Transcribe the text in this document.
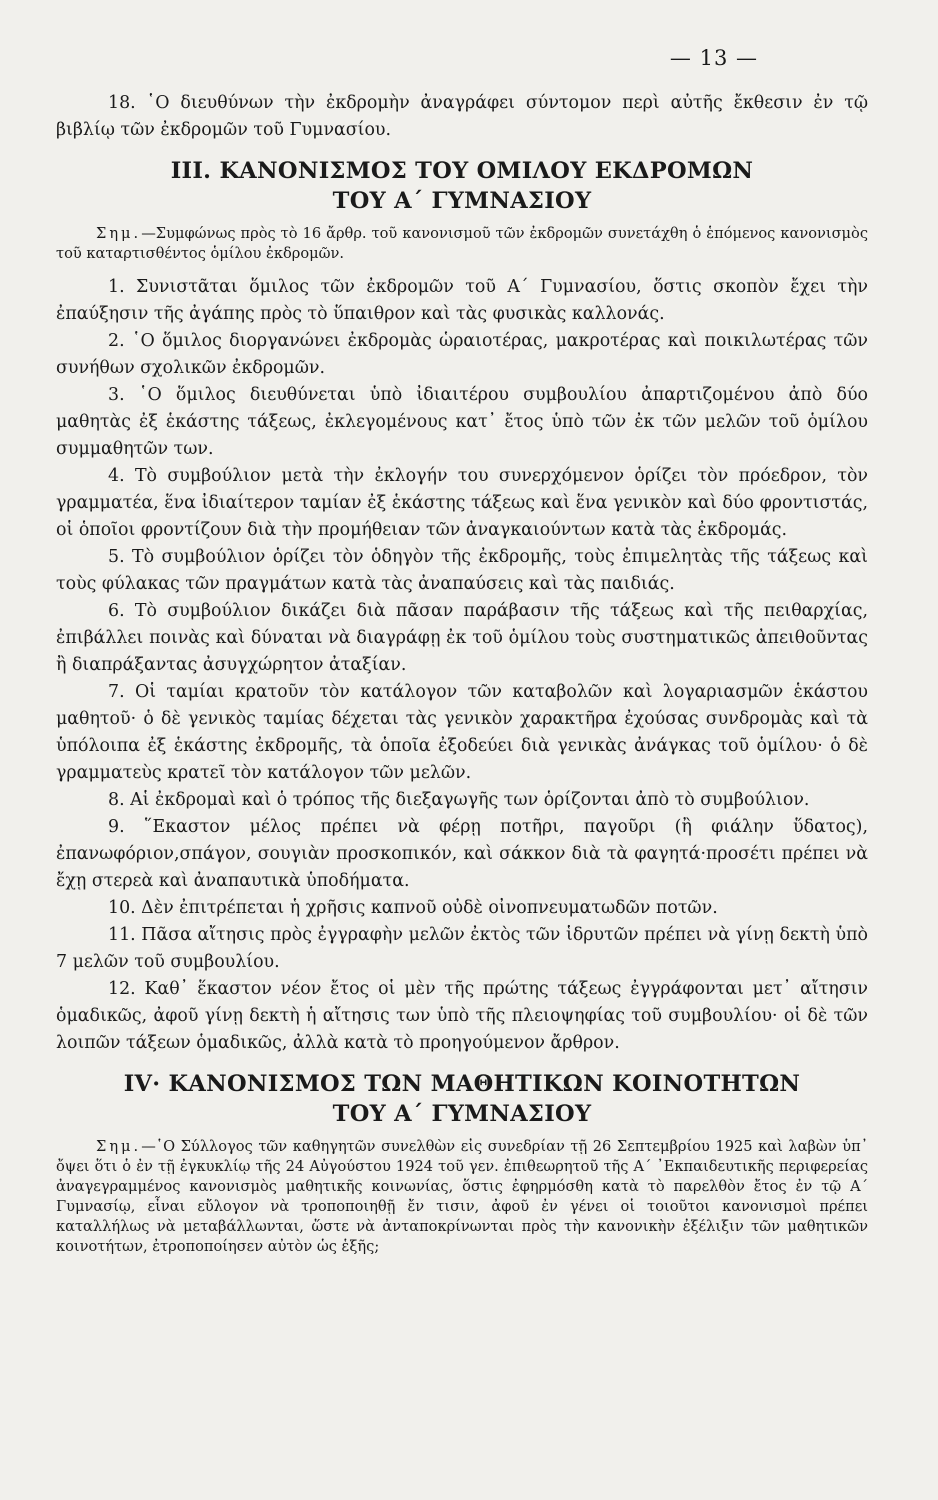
— 13 —

18. ῾Ο διευθύνων τὴν ἐκδρομὴν ἀναγράφει σύντομον περὶ αὐτῆς ἔκθεσιν ἐν τῷ βιβλίῳ τῶν ἐκδρομῶν τοῦ Γυμνασίου.

III. ΚΑΝΟΝΙΣΜΟΣ ΤΟΥ ΟΜΙΛΟΥ ΕΚΔΡΟΜΩΝ
ΤΟΥ Α΄ ΓΥΜΝΑΣΙΟΥ

Σημ.—Συμφώνως πρὸς τὸ 16 ἄρθρ. τοῦ κανονισμοῦ τῶν ἐκδρομῶν συνετάχθη ὁ ἑπόμενος κανονισμὸς τοῦ καταρτισθέντος ὁμίλου ἐκδρομῶν.

1. Συνιστᾶται ὅμιλος τῶν ἐκδρομῶν τοῦ Α΄ Γυμνασίου, ὅστις σκοπὸν ἔχει τὴν ἐπαύξησιν τῆς ἀγάπης πρὸς τὸ ὕπαιθρον καὶ τὰς φυσικὰς καλλονάς.

2. ῾Ο ὅμιλος διοργανώνει ἐκδρομὰς ὡραιοτέρας, μακροτέρας καὶ ποικιλωτέρας τῶν συνήθων σχολικῶν ἐκδρομῶν.

3. ῾Ο ὅμιλος διευθύνεται ὑπὸ ἰδιαιτέρου συμβουλίου ἀπαρτιζομένου ἀπὸ δύο μαθητὰς ἐξ ἑκάστης τάξεως, ἐκλεγομένους κατ᾽ ἔτος ὑπὸ τῶν ἐκ τῶν μελῶν τοῦ ὁμίλου συμμαθητῶν των.

4. Τὸ συμβούλιον μετὰ τὴν ἐκλογήν του συνερχόμενον ὁρίζει τὸν πρόεδρον, τὸν γραμματέα, ἕνα ἰδιαίτερον ταμίαν ἐξ ἑκάστης τάξεως καὶ ἕνα γενικὸν καὶ δύο φροντιστάς, οἱ ὁποῖοι φροντίζουν διὰ τὴν προμήθειαν τῶν ἀναγκαιούντων κατὰ τὰς ἐκδρομάς.

5. Τὸ συμβούλιον ὁρίζει τὸν ὁδηγὸν τῆς ἐκδρομῆς, τοὺς ἐπιμελητὰς τῆς τάξεως καὶ τοὺς φύλακας τῶν πραγμάτων κατὰ τὰς ἀναπαύσεις καὶ τὰς παιδιάς.

6. Τὸ συμβούλιον δικάζει διὰ πᾶσαν παράβασιν τῆς τάξεως καὶ τῆς πειθαρχίας, ἐπιβάλλει ποινὰς καὶ δύναται νὰ διαγράφῃ ἐκ τοῦ ὁμίλου τοὺς συστηματικῶς ἀπειθοῦντας ἢ διαπράξαντας ἀσυγχώρητον ἀταξίαν.

7. Οἱ ταμίαι κρατοῦν τὸν κατάλογον τῶν καταβολῶν καὶ λογαριασμῶν ἑκάστου μαθητοῦ· ὁ δὲ γενικὸς ταμίας δέχεται τὰς γενικὸν χαρακτῆρα ἐχούσας συνδρομὰς καὶ τὰ ὑπόλοιπα ἐξ ἑκάστης ἐκδρομῆς, τὰ ὁποῖα ἐξοδεύει διὰ γενικὰς ἀνάγκας τοῦ ὁμίλου· ὁ δὲ γραμματεὺς κρατεῖ τὸν κατάλογον τῶν μελῶν.

8. Αἱ ἐκδρομαὶ καὶ ὁ τρόπος τῆς διεξαγωγῆς των ὁρίζονται ἀπὸ τὸ συμβούλιον.

9. ῞Εκαστον μέλος πρέπει νὰ φέρῃ ποτῆρι, παγοῦρι (ἢ φιάλην ὕδατος), ἐπανωφόριον,σπάγον, σουγιὰν προσκοπικόν, καὶ σάκκον διὰ τὰ φαγητά·προσέτι πρέπει νὰ ἔχῃ στερεὰ καὶ ἀναπαυτικὰ ὑποδήματα.

10. Δὲν ἐπιτρέπεται ἡ χρῆσις καπνοῦ οὐδὲ οἰνοπνευματωδῶν ποτῶν.

11. Πᾶσα αἴτησις πρὸς ἐγγραφὴν μελῶν ἐκτὸς τῶν ἱδρυτῶν πρέπει νὰ γίνῃ δεκτὴ ὑπὸ 7 μελῶν τοῦ συμβουλίου.

12. Καθ᾽ ἕκαστον νέον ἔτος οἱ μὲν τῆς πρώτης τάξεως ἐγγράφονται μετ᾽ αἴτησιν ὁμαδικῶς, ἀφοῦ γίνῃ δεκτὴ ἡ αἴτησις των ὑπὸ τῆς πλειοψηφίας τοῦ συμβουλίου· οἱ δὲ τῶν λοιπῶν τάξεων ὁμαδικῶς, ἀλλὰ κατὰ τὸ προηγούμενον ἄρθρον.

IV· ΚΑΝΟΝΙΣΜΟΣ ΤΩΝ ΜΑΘΗΤΙΚΩΝ ΚΟΙΝΟΤΗΤΩΝ
ΤΟΥ Α΄ ΓΥΜΝΑΣΙΟΥ

Σημ.—῾Ο Σύλλογος τῶν καθηγητῶν συνελθὼν εἰς συνεδρίαν τῇ 26 Σεπτεμβρίου 1925 καὶ λαβὼν ὑπ᾽ ὄψει ὅτι ὁ ἐν τῇ ἐγκυκλίῳ τῆς 24 Αὐγούστου 1924 τοῦ γεν. ἐπιθεωρητοῦ τῆς Α΄ ᾽Εκπαιδευτικῆς περιφερείας ἀναγεγραμμένος κανονισμὸς μαθητικῆς κοινωνίας, ὅστις ἐφηρμόσθη κατὰ τὸ παρελθὸν ἔτος ἐν τῷ Α΄ Γυμνασίῳ, εἶναι εὔλογον νὰ τροποποιηθῇ ἔν τισιν, ἀφοῦ ἐν γένει οἱ τοιοῦτοι κανονισμοὶ πρέπει καταλλήλως νὰ μεταβάλλωνται, ὥστε νὰ ἀνταποκρίνωνται πρὸς τὴν κανονικὴν ἐξέλιξιν τῶν μαθητικῶν κοινοτήτων, ἐτροποποίησεν αὐτὸν ὡς ἑξῆς;
